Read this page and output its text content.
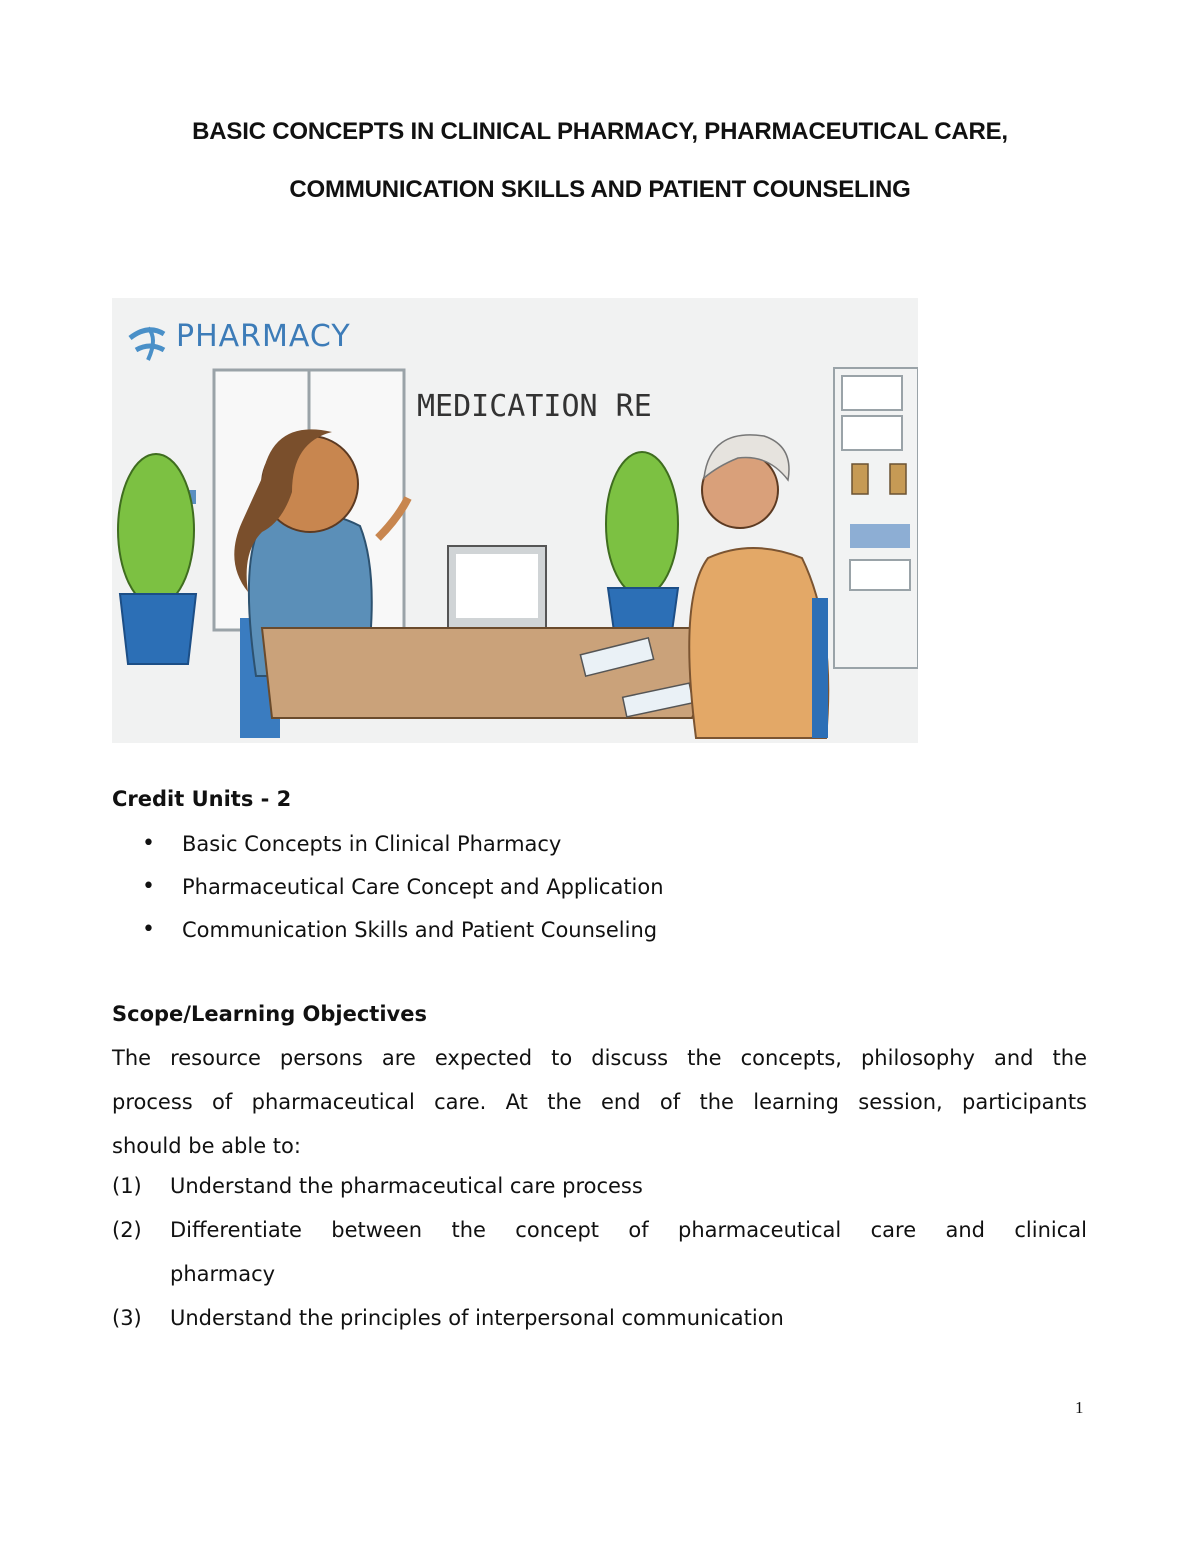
BASIC CONCEPTS IN CLINICAL PHARMACY, PHARMACEUTICAL CARE,
COMMUNICATION SKILLS AND PATIENT COUNSELING
PHARMACY
MEDICATION RE
Credit Units - 2
• Basic Concepts in Clinical Pharmacy
• Pharmaceutical Care Concept and Application
• Communication Skills and Patient Counseling
Scope/Learning Objectives
The resource persons are expected to discuss the concepts, philosophy and the
process of pharmaceutical care. At the end of the learning session, participants
should be able to:
(1) Understand the pharmaceutical care process
(2) Differentiate between the concept of pharmaceutical care and clinical
pharmacy
(3) Understand the principles of interpersonal communication
1
